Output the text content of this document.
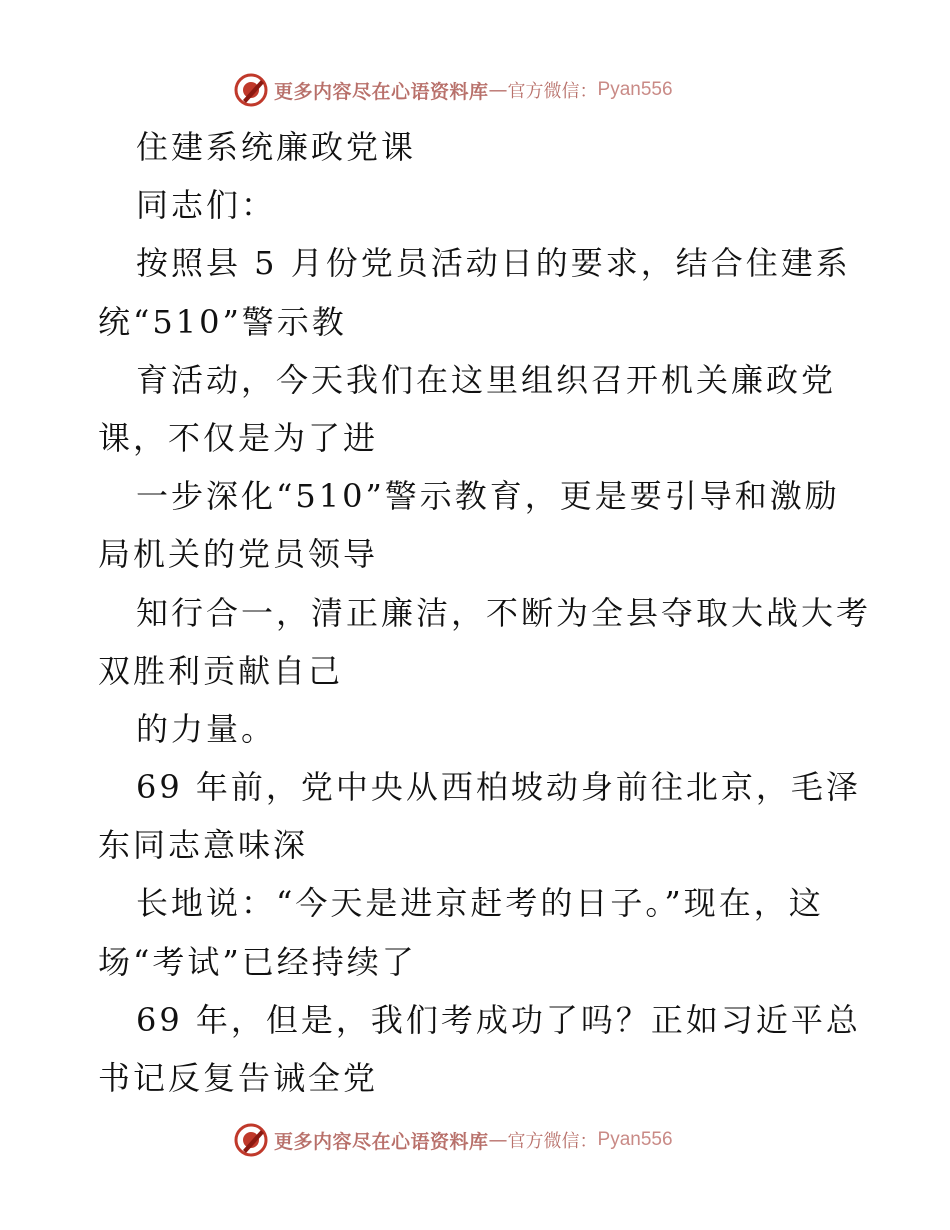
更多内容尽在心语资料库 — 官方微信： Pyan556
住建系统廉政党课
同志们：
按照县 5 月份党员活动日的要求，结合住建系
统“510”警示教
育活动，今天我们在这里组织召开机关廉政党
课，不仅是为了进
一步深化“510”警示教育，更是要引导和激励
局机关的党员领导
知行合一，清正廉洁，不断为全县夺取大战大考
双胜利贡献自己
的力量。
69 年前，党中央从西柏坡动身前往北京，毛泽
东同志意味深
长地说：“今天是进京赶考的日子。”现在，这
场“考试”已经持续了
69 年，但是，我们考成功了吗？正如习近平总
书记反复告诫全党
更多内容尽在心语资料库 — 官方微信： Pyan556
